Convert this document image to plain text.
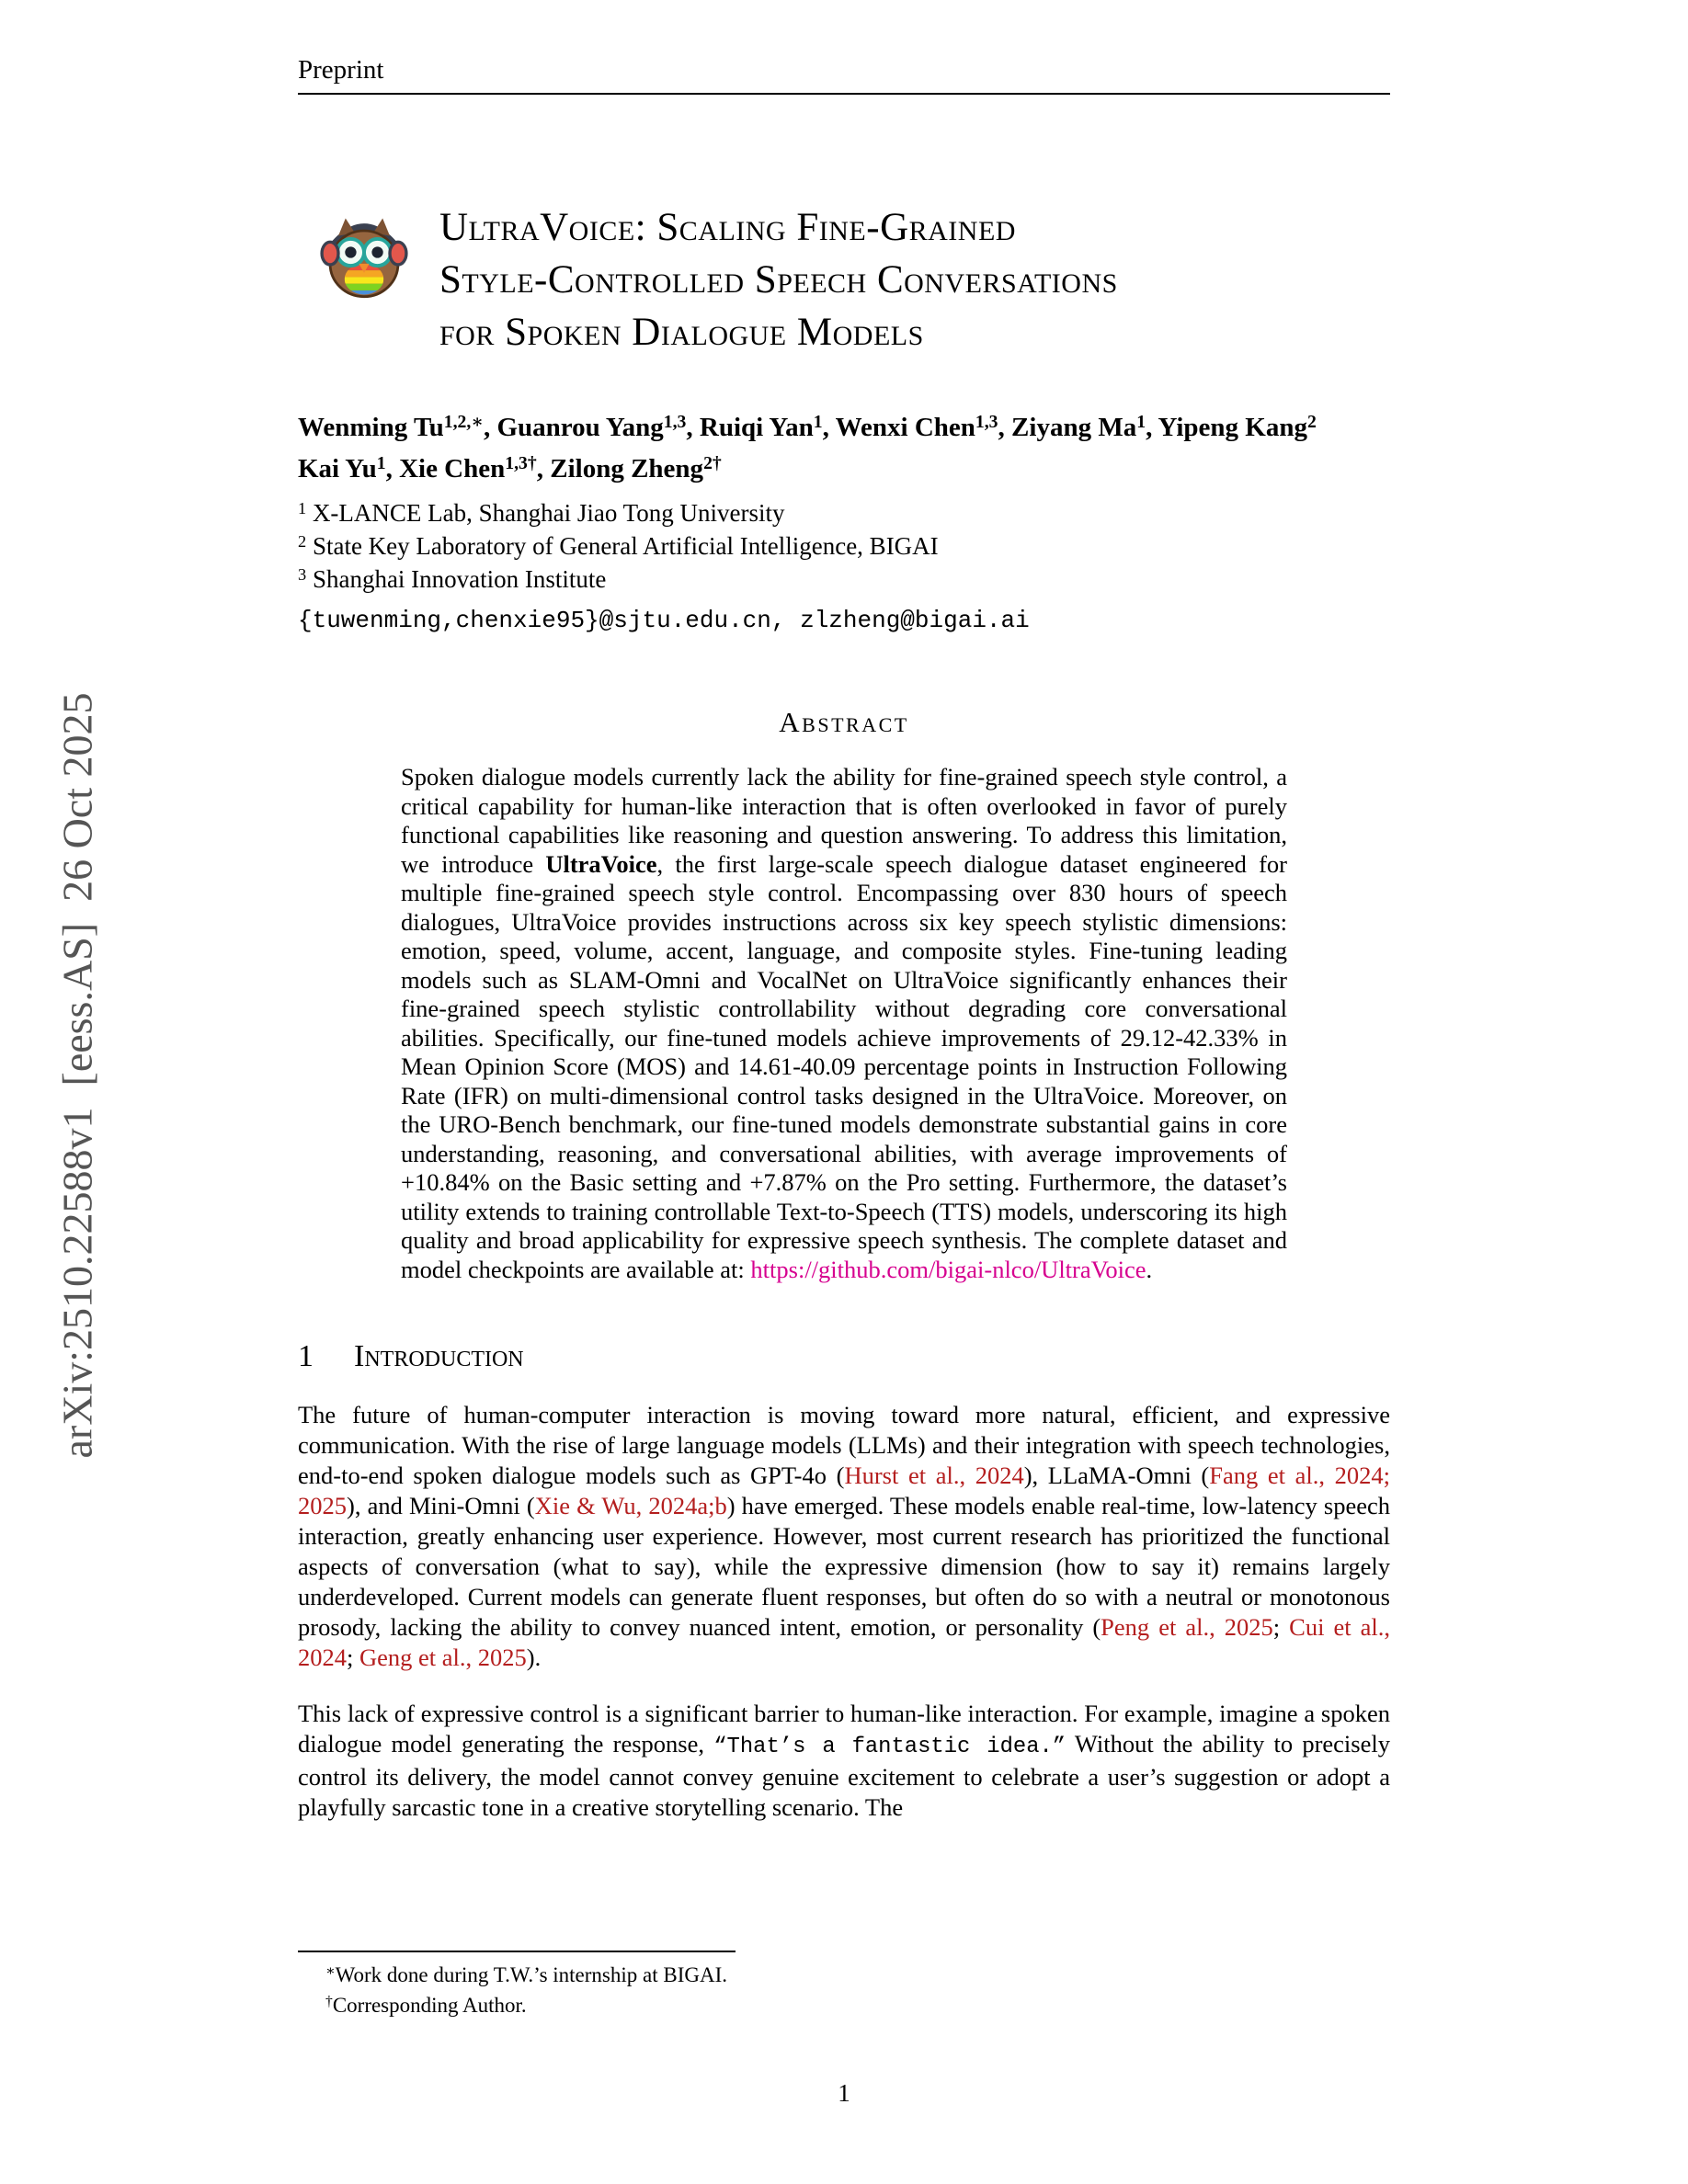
arXiv:2510.22588v1  [eess.AS]  26 Oct 2025
Preprint
UltraVoice: Scaling Fine-Grained
Style-Controlled Speech Conversations
for Spoken Dialogue Models
Wenming $Tu^{1,2,∗}$, Guanrou Yang$^{1,3}$, Ruiqi Yan$^1$, Wenxi Chen$^{1,3}$, Ziyang Ma$^1$, Yipeng Kang$^2$
Kai Yu$^1$, Xie Chen$^{1,3\dagger}$, Zilong Zheng$^{2\dagger}$
$^1$ X-LANCE Lab, Shanghai Jiao Tong University
$^2$ State Key Laboratory of General Artificial Intelligence, BIGAI
$^3$ Shanghai Innovation Institute
{tuwenming,chenxie95}@sjtu.edu.cn, zlzheng@bigai.ai
Abstract

Spoken dialogue models currently lack the ability for fine-grained speech style control, a critical capability for human-like interaction that is often overlooked in favor of purely functional capabilities like reasoning and question answering. To address this limitation, we introduce UltraVoice, the first large-scale speech dialogue dataset engineered for multiple fine-grained speech style control. Encompassing over 830 hours of speech dialogues, UltraVoice provides instructions across six key speech stylistic dimensions: emotion, speed, volume, accent, language, and composite styles. Fine-tuning leading models such as SLAM-Omni and VocalNet on UltraVoice significantly enhances their fine-grained speech stylistic controllability without degrading core conversational abilities. Specifically, our fine-tuned models achieve improvements of 29.12-42.33% in Mean Opinion Score (MOS) and 14.61-40.09 percentage points in Instruction Following Rate (IFR) on multi-dimensional control tasks designed in the UltraVoice. Moreover, on the URO-Bench benchmark, our fine-tuned models demonstrate substantial gains in core understanding, reasoning, and conversational abilities, with average improvements of +10.84% on the Basic setting and +7.87% on the Pro setting. Furthermore, the dataset’s utility extends to training controllable Text-to-Speech (TTS) models, underscoring its high quality and broad applicability for expressive speech synthesis. The complete dataset and model checkpoints are available at: https://github.com/bigai-nlco/UltraVoice.

1 Introduction

The future of human-computer interaction is moving toward more natural, efficient, and expressive communication. With the rise of large language models (LLMs) and their integration with speech technologies, end-to-end spoken dialogue models such as GPT-4o (Hurst et al., 2024), LLaMA-Omni (Fang et al., 2024; 2025), and Mini-Omni (Xie & Wu, 2024a;b) have emerged. These models enable real-time, low-latency speech interaction, greatly enhancing user experience. However, most current research has prioritized the functional aspects of conversation (what to say), while the expressive dimension (how to say it) remains largely underdeveloped. Current models can generate fluent responses, but often do so with a neutral or monotonous prosody, lacking the ability to convey nuanced intent, emotion, or personality (Peng et al., 2025; Cui et al., 2024; Geng et al., 2025).

This lack of expressive control is a significant barrier to human-like interaction. For example, imagine a spoken dialogue model generating the response, “That’s a fantastic idea.” Without the ability to precisely control its delivery, the model cannot convey genuine excitement to celebrate a user’s suggestion or adopt a playfully sarcastic tone in a creative storytelling scenario. The

∗Work done during T.W.’s internship at BIGAI.
†Corresponding Author.
1
